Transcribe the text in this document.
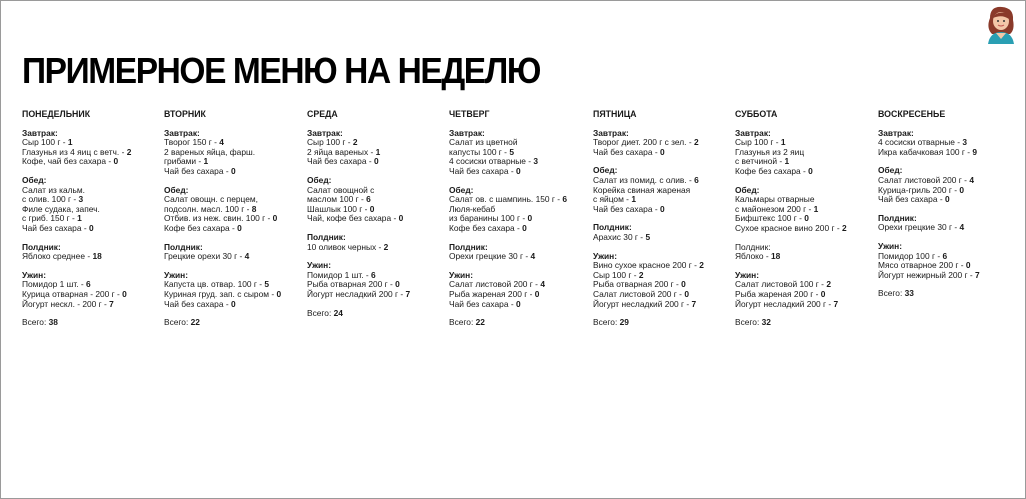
ПРИМЕРНОЕ МЕНЮ НА НЕДЕЛЮ
ПОНЕДЕЛЬНИК
Завтрак:
Сыр 100 г - 1
Глазунья из 4 яиц с ветч. - 2
Кофе, чай без сахара - 0
Обед:
Салат из кальм.
с олив. 100 г - 3
Филе судака, запеч.
с гриб. 150 г - 1
Чай без сахара - 0
Полдник:
Яблоко среднее - 18
Ужин:
Помидор 1 шт. - 6
Курица отварная - 200 г - 0
Йогурт нескл. - 200 г - 7
Всего: 38
ВТОРНИК
Завтрак:
Творог 150 г - 4
2 вареных яйца, фарш.
грибами - 1
Чай без сахара - 0
Обед:
Салат овощн. с перцем,
подсолн. масл. 100 г - 8
Отбив. из неж. свин. 100 г - 0
Кофе без сахара - 0
Полдник:
Грецкие орехи 30 г - 4
Ужин:
Капуста цв. отвар. 100 г - 5
Куриная груд. зап. с сыром - 0
Чай без сахара - 0
Всего: 22
СРЕДА
Завтрак:
Сыр 100 г - 2
2 яйца вареных - 1
Чай без сахара - 0
Обед:
Салат овощной с
маслом 100 г - 6
Шашлык 100 г - 0
Чай, кофе без сахара - 0
Полдник:
10 оливок черных - 2
Ужин:
Помидор 1 шт. - 6
Рыба отварная 200 г - 0
Йогурт несладкий 200 г - 7
Всего: 24
ЧЕТВЕРГ
Завтрак:
Салат из цветной
капусты 100 г - 5
4 сосиски отварные - 3
Чай без сахара - 0
Обед:
Салат ов. с шампинь. 150 г - 6
Люля-кебаб
из баранины 100 г - 0
Кофе без сахара - 0
Полдник:
Орехи грецкие 30 г - 4
Ужин:
Салат листовой 200 г - 4
Рыба жареная 200 г - 0
Чай без сахара - 0
Всего: 22
ПЯТНИЦА
Завтрак:
Творог диет. 200 г с зел. - 2
Чай без сахара - 0
Обед:
Салат из помид. с олив. - 6
Корейка свиная жареная
с яйцом - 1
Чай без сахара - 0
Полдник:
Арахис 30 г - 5
Ужин:
Вино сухое красное 200 г - 2
Сыр 100 г - 2
Рыба отварная 200 г - 0
Салат листовой 200 г - 0
Йогурт несладкий 200 г - 7
Всего: 29
СУББОТА
Завтрак:
Сыр 100 г - 1
Глазунья из 2 яиц
с ветчиной - 1
Кофе без сахара - 0
Обед:
Кальмары отварные
с майонезом 200 г - 1
Бифштекс 100 г - 0
Сухое красное вино 200 г - 2
Полдник:
Яблоко - 18
Ужин:
Салат листовой 100 г - 2
Рыба жареная 200 г - 0
Йогурт несладкий 200 г - 7
Всего: 32
ВОСКРЕСЕНЬЕ
Завтрак:
4 сосиски отварные - 3
Икра кабачковая 100 г - 9
Обед:
Салат листовой 200 г - 4
Курица-гриль 200 г - 0
Чай без сахара - 0
Полдник:
Орехи грецкие 30 г - 4
Ужин:
Помидор 100 г - 6
Мясо отварное 200 г - 0
Йогурт нежирный 200 г - 7
Всего: 33
